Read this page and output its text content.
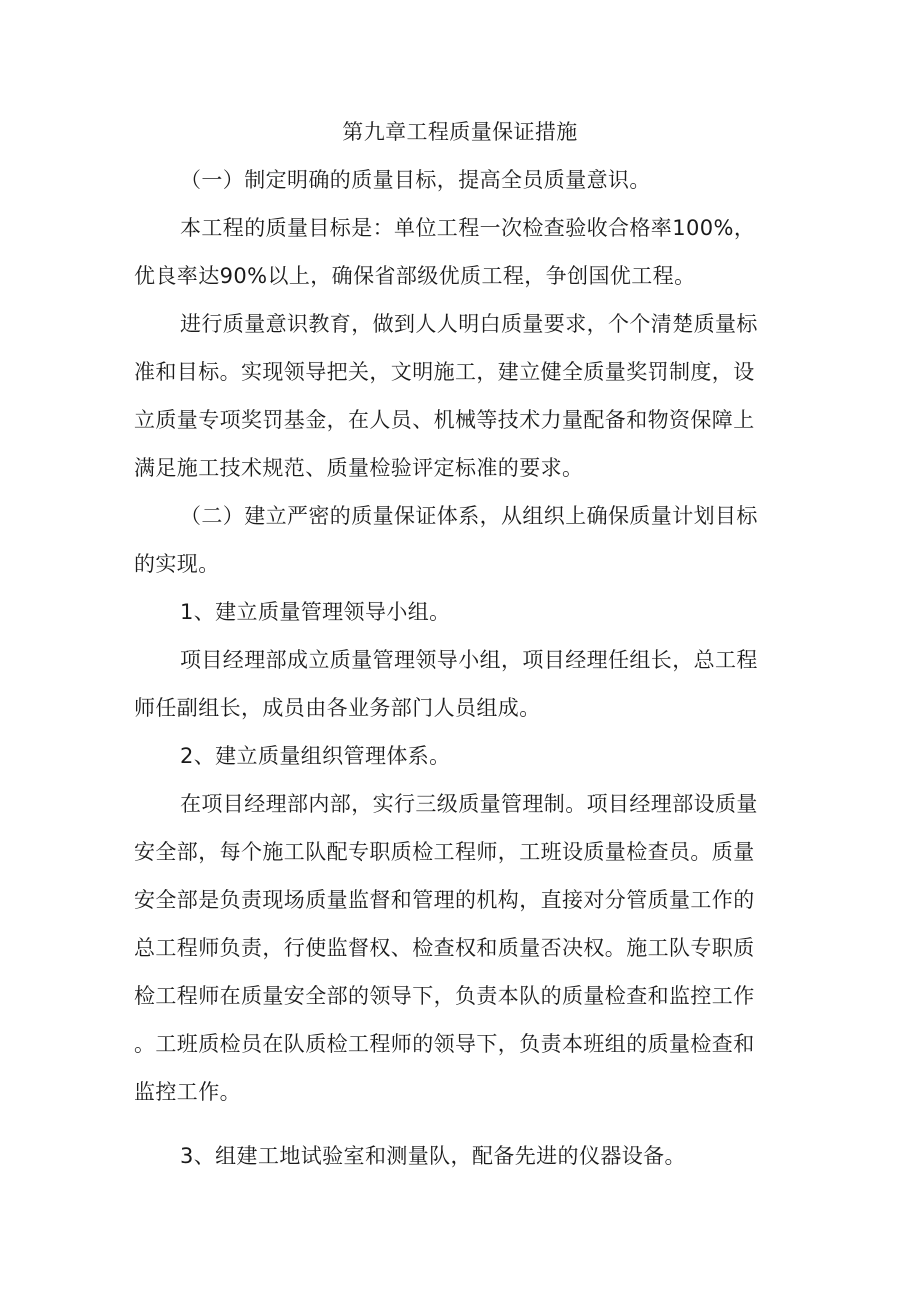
第九章工程质量保证措施
（一）制定明确的质量目标，提高全员质量意识。
本工程的质量目标是：单位工程一次检查验收合格率100%，
优良率达90%以上，确保省部级优质工程，争创国优工程。
进行质量意识教育，做到人人明白质量要求，个个清楚质量标
准和目标。实现领导把关，文明施工，建立健全质量奖罚制度，设
立质量专项奖罚基金，在人员、机械等技术力量配备和物资保障上
满足施工技术规范、质量检验评定标准的要求。
（二）建立严密的质量保证体系，从组织上确保质量计划目标
的实现。
1、建立质量管理领导小组。
项目经理部成立质量管理领导小组，项目经理任组长，总工程
师任副组长，成员由各业务部门人员组成。
2、建立质量组织管理体系。
在项目经理部内部，实行三级质量管理制。项目经理部设质量
安全部，每个施工队配专职质检工程师，工班设质量检查员。质量
安全部是负责现场质量监督和管理的机构，直接对分管质量工作的
总工程师负责，行使监督权、检查权和质量否决权。施工队专职质
检工程师在质量安全部的领导下，负责本队的质量检查和监控工作
。工班质检员在队质检工程师的领导下，负责本班组的质量检查和
监控工作。
3、组建工地试验室和测量队，配备先进的仪器设备。
